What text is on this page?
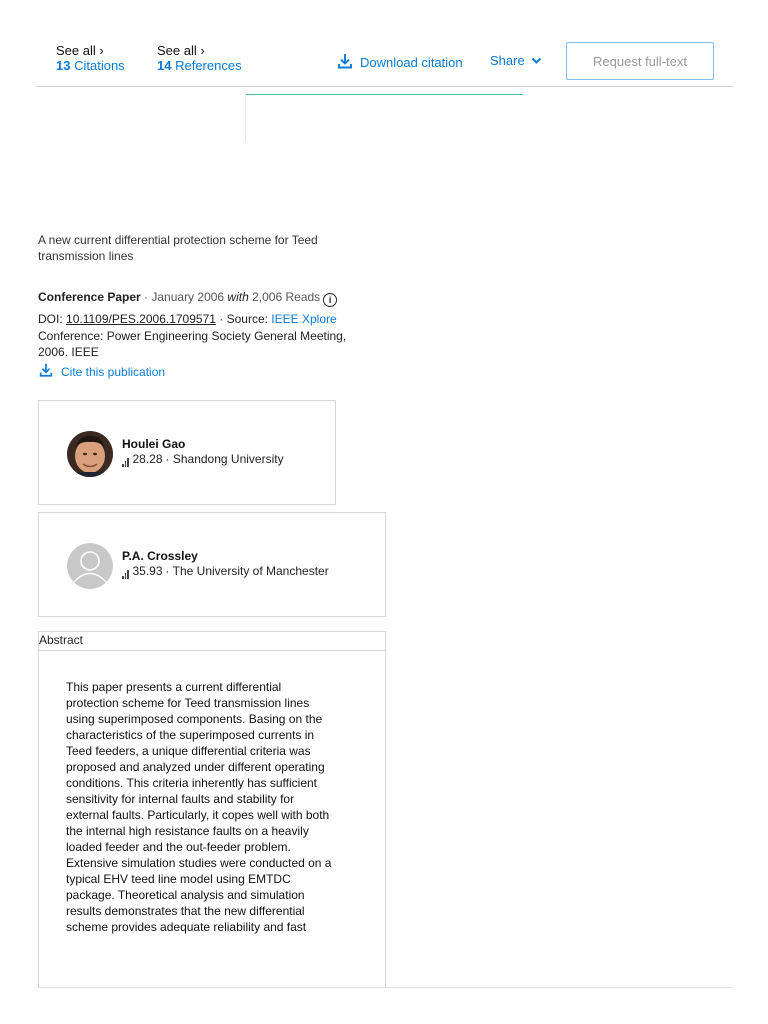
See all ›
13 Citations
See all ›
14 References	Download citation Share	Request full-text
A new current differential protection scheme for Teed transmission lines
Conference Paper · January 2006 with 2,006 Reads i
DOI: 10.1109/PES.2006.1709571 · Source: IEEE Xplore
Conference: Power Engineering Society General Meeting,
2006. IEEE
Cite this publication
Houlei Gao
28.28 · Shandong University
P.A. Crossley
35.93 · The University of Manchester
Abstract
This paper presents a current differential
protection scheme for Teed transmission lines
using superimposed components. Basing on the
characteristics of the superimposed currents in
Teed feeders, a unique differential criteria was
proposed and analyzed under different operating
conditions. This criteria inherently has sufficient
sensitivity for internal faults and stability for
external faults. Particularly, it copes well with both
the internal high resistance faults on a heavily
loaded feeder and the out-feeder problem.
Extensive simulation studies were conducted on a
typical EHV teed line model using EMTDC
package. Theoretical analysis and simulation
results demonstrates that the new differential
scheme provides adequate reliability and fast
